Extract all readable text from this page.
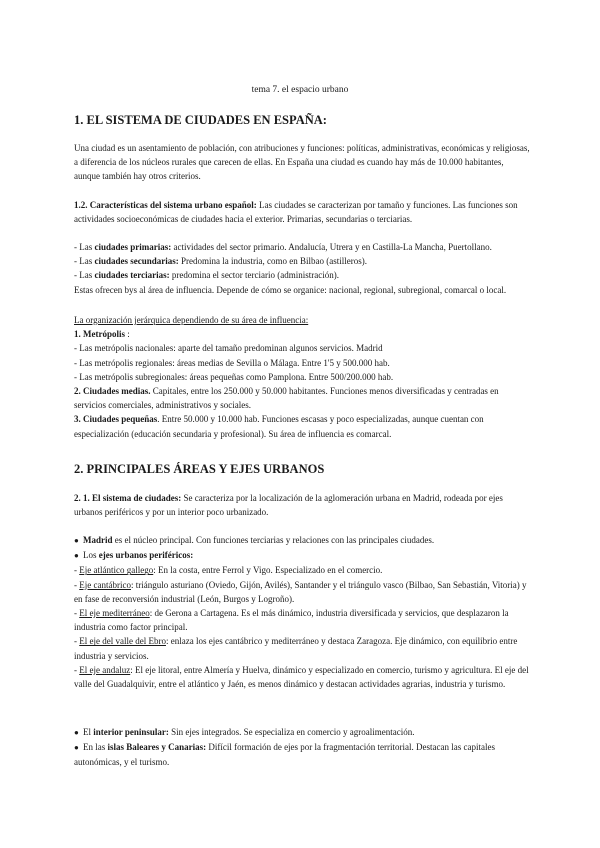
tema 7. el espacio urbano
1. EL SISTEMA DE CIUDADES EN ESPAÑA:
Una ciudad es un asentamiento de población, con atribuciones y funciones: políticas, administrativas, económicas y religiosas, a diferencia de los núcleos rurales que carecen de ellas. En España una ciudad es cuando hay más de 10.000 habitantes, aunque también hay otros criterios.
1.2. Características del sistema urbano español: Las ciudades se caracterizan por tamaño y funciones. Las funciones son actividades socioeconómicas de ciudades hacia el exterior. Primarias, secundarias o terciarias.
- Las ciudades primarias: actividades del sector primario. Andalucía, Utrera y en Castilla-La Mancha, Puertollano.
- Las ciudades secundarias: Predomina la industria, como en Bilbao (astilleros).
- Las ciudades terciarias: predomina el sector terciario (administración).
Estas ofrecen bys al área de influencia. Depende de cómo se organice: nacional, regional, subregional, comarcal o local.
La organización jerárquica dependiendo de su área de influencia:
1. Metrópolis :
- Las metrópolis nacionales: aparte del tamaño predominan algunos servicios. Madrid
- Las metrópolis regionales: áreas medias de Sevilla o Málaga. Entre 1'5 y 500.000 hab.
- Las metrópolis subregionales: áreas pequeñas como Pamplona. Entre 500/200.000 hab.
2. Ciudades medias. Capitales, entre los 250.000 y 50.000 habitantes. Funciones menos diversificadas y centradas en servicios comerciales, administrativos y sociales.
3. Ciudades pequeñas. Entre 50.000 y 10.000 hab. Funciones escasas y poco especializadas, aunque cuentan con especialización (educación secundaria y profesional). Su área de influencia es comarcal.
2. PRINCIPALES ÁREAS Y EJES URBANOS
2. 1. El sistema de ciudades: Se caracteriza por la localización de la aglomeración urbana en Madrid, rodeada por ejes urbanos periféricos y por un interior poco urbanizado.
● Madrid es el núcleo principal. Con funciones terciarias y relaciones con las principales ciudades.
● Los ejes urbanos periféricos:
- Eje atlántico gallego: En la costa, entre Ferrol y Vigo. Especializado en el comercio.
- Eje cantábrico: triángulo asturiano (Oviedo, Gijón, Avilés), Santander y el triángulo vasco (Bilbao, San Sebastián, Vitoria) y en fase de reconversión industrial (León, Burgos y Logroño).
- El eje mediterráneo: de Gerona a Cartagena. Es el más dinámico, industria diversificada y servicios, que desplazaron la industria como factor principal.
- El eje del valle del Ebro: enlaza los ejes cantábrico y mediterráneo y destaca Zaragoza. Eje dinámico, con equilibrio entre industria y servicios.
- El eje andaluz: El eje litoral, entre Almería y Huelva, dinámico y especializado en comercio, turismo y agricultura. El eje del valle del Guadalquivir, entre el atlántico y Jaén, es menos dinámico y destacan actividades agrarias, industria y turismo.
● El interior peninsular: Sin ejes integrados. Se especializa en comercio y agroalimentación.
● En las islas Baleares y Canarias: Difícil formación de ejes por la fragmentación territorial. Destacan las capitales autonómicas, y el turismo.
